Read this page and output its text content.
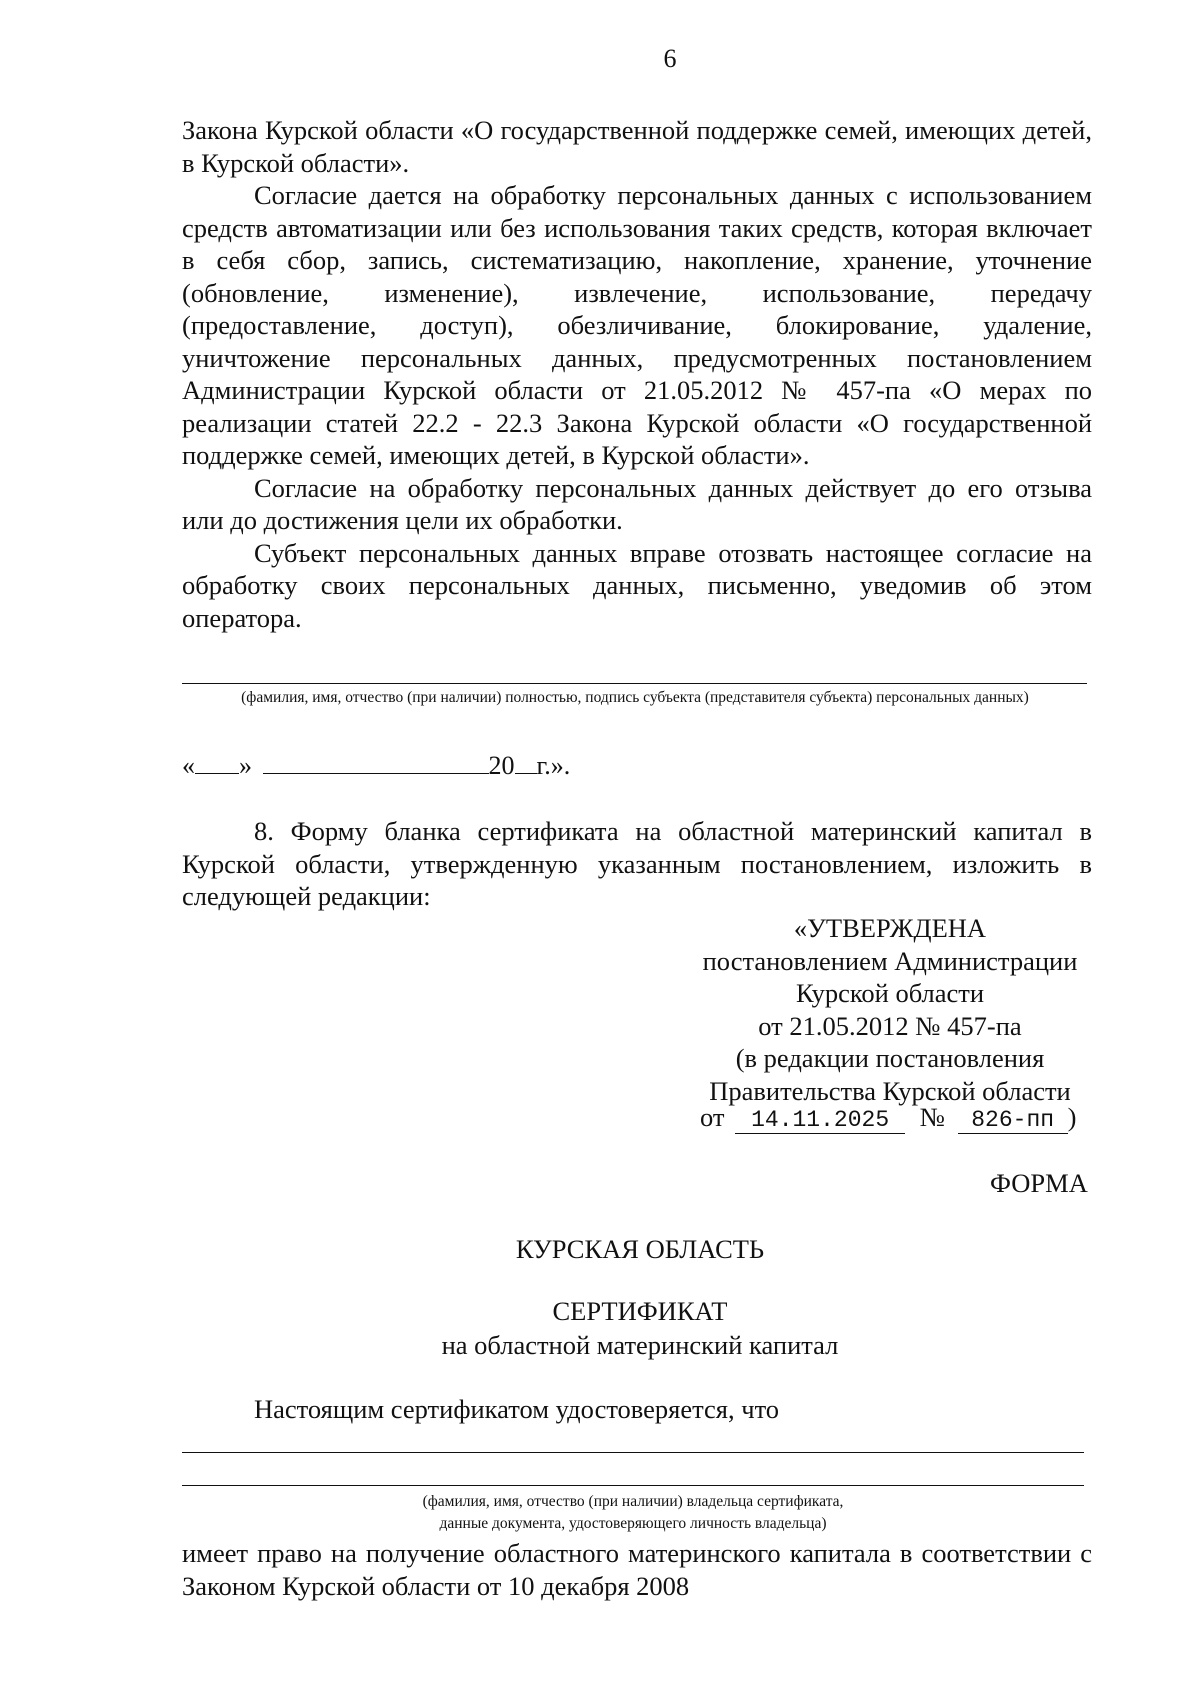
6

Закона Курской области «О государственной поддержке семей, имеющих детей, в Курской области».

Согласие дается на обработку персональных данных с использованием средств автоматизации или без использования таких средств, которая включает в себя сбор, запись, систематизацию, накопление, хранение, уточнение (обновление, изменение), извлечение, использование, передачу (предоставление, доступ), обезличивание, блокирование, удаление, уничтожение персональных данных, предусмотренных постановлением Администрации Курской области от 21.05.2012 № 457-па «О мерах по реализации статей 22.2 - 22.3 Закона Курской области «О государственной поддержке семей, имеющих детей, в Курской области».

Согласие на обработку персональных данных действует до его отзыва или до достижения цели их обработки.

Субъект персональных данных вправе отозвать настоящее согласие на обработку своих персональных данных, письменно, уведомив об этом оператора.

(фамилия, имя, отчество (при наличии) полностью, подпись субъекта (представителя субъекта) персональных данных)
« »	20 г.».

8. Форму бланка сертификата на областной материнский капитал в Курской области, утвержденную указанным постановлением, изложить в следующей редакции:

«УТВЕРЖДЕНА
постановлением Администрации
Курской области
от 21.05.2012 № 457-па
(в редакции постановления
Правительства Курской области
от 14.11.2025 № 826-пп )
ФОРМА
КУРСКАЯ ОБЛАСТЬ
СЕРТИФИКАТ
на областной материнский капитал
Настоящим сертификатом удостоверяется, что
(фамилия, имя, отчество (при наличии) владельца сертификата,
данные документа, удостоверяющего личность владельца)

имеет право на получение областного материнского капитала в соответствии с Законом Курской области от 10 декабря 2008
